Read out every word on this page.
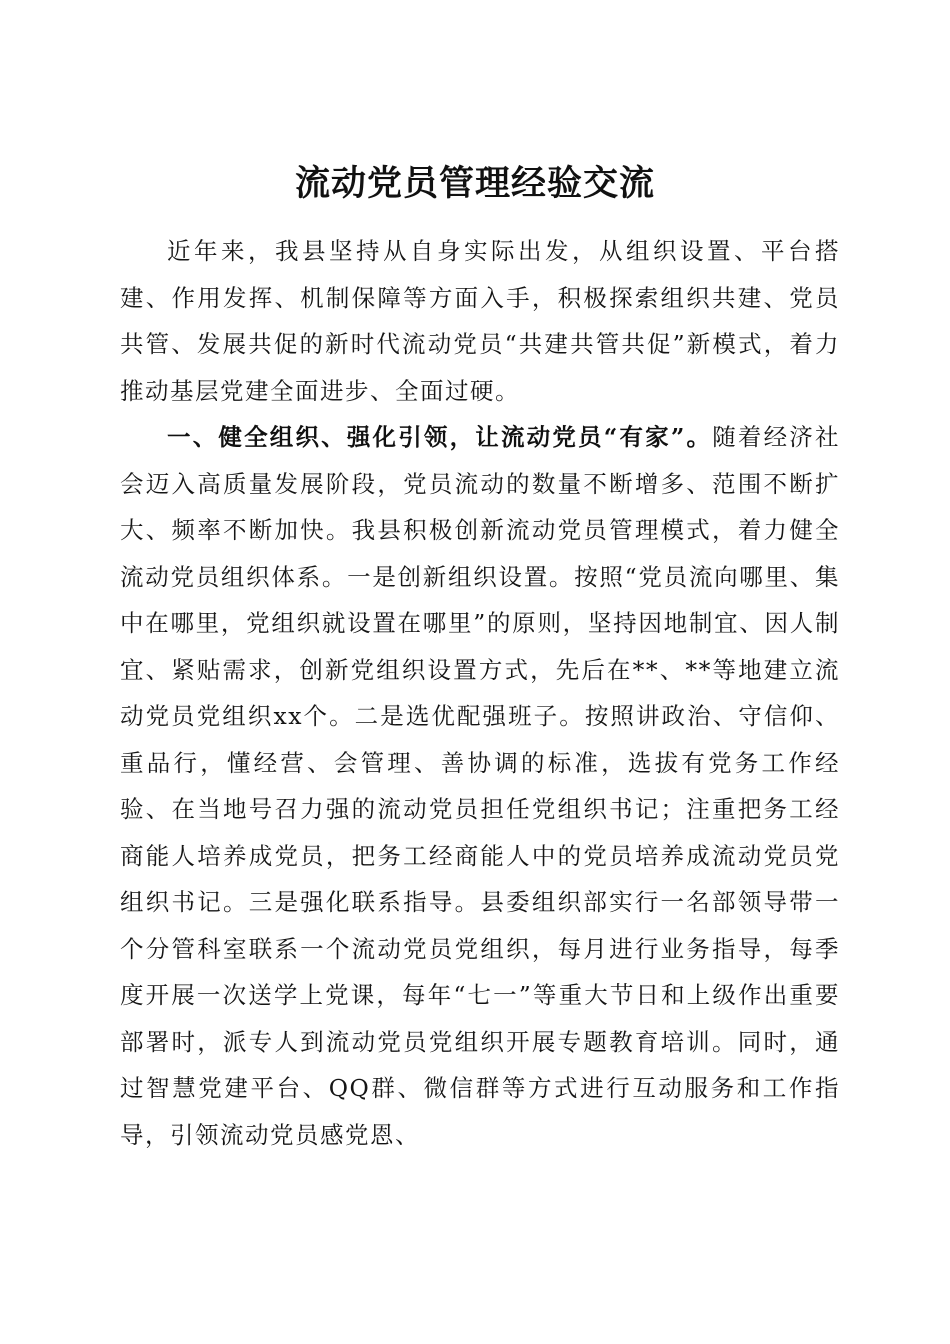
流动党员管理经验交流

近年来，我县坚持从自身实际出发，从组织设置、平台搭建、作用发挥、机制保障等方面入手，积极探索组织共建、党员共管、发展共促的新时代流动党员“共建共管共促”新模式，着力推动基层党建全面进步、全面过硬。

一、健全组织、强化引领，让流动党员“有家”。随着经济社会迈入高质量发展阶段，党员流动的数量不断增多、范围不断扩大、频率不断加快。我县积极创新流动党员管理模式，着力健全流动党员组织体系。一是创新组织设置。按照“党员流向哪里、集中在哪里，党组织就设置在哪里”的原则，坚持因地制宜、因人制宜、紧贴需求，创新党组织设置方式，先后在**、**等地建立流动党员党组织xx个。二是选优配强班子。按照讲政治、守信仰、重品行，懂经营、会管理、善协调的标准，选拔有党务工作经验、在当地号召力强的流动党员担任党组织书记；注重把务工经商能人培养成党员，把务工经商能人中的党员培养成流动党员党组织书记。三是强化联系指导。县委组织部实行一名部领导带一个分管科室联系一个流动党员党组织，每月进行业务指导，每季度开展一次送学上党课，每年“七一”等重大节日和上级作出重要部署时，派专人到流动党员党组织开展专题教育培训。同时，通过智慧党建平台、QQ群、微信群等方式进行互动服务和工作指导，引领流动党员感党恩、
